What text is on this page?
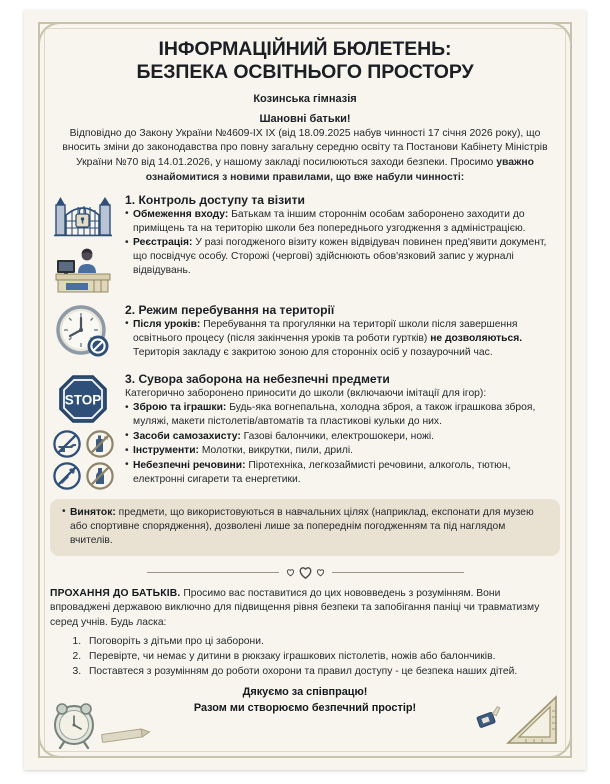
ІНФОРМАЦІЙНИЙ БЮЛЕТЕНЬ:
БЕЗПЕКА ОСВІТНЬОГО ПРОСТОРУ
Козинська гімназія
Шановні батьки!
Відповідно до Закону України №4609-IX IX (від 18.09.2025 набув чинності 17 січня 2026 року), що вносить зміни до законодавства про повну загальну середню освіту та Постанови Кабінету Міністрів України №70 від 14.01.2026, у нашому закладі посилюються заходи безпеки. Просимо уважно ознайомитися з новими правилами, що вже набули чинності:
1. Контроль доступу та візити
• Обмеження входу: Батькам та іншим стороннім особам заборонено заходити до приміщень та на територію школи без попереднього узгодження з адміністрацією.
• Реєстрація: У разі погодженого візиту кожен відвідувач повинен пред'явити документ, що посвідчує особу. Сторожі (чергові) здійснюють обов'язковий запис у журналі відвідувань.
2. Режим перебування на території
• Після уроків: Перебування та прогулянки на території школи після завершення освітнього процесу (після закінчення уроків та роботи гуртків) не дозволяються. Територія закладу є закритою зоною для сторонніх осіб у позаурочний час.
STOP
3. Сувора заборона на небезпечні предмети
Категорично заборонено приносити до школи (включаючи імітації для ігор):
• Зброю та іграшки: Будь-яка вогнепальна, холодна зброя, а також іграшкова зброя, муляжі, макети пістолетів/автоматів та пластикові кульки до них.
• Засоби самозахисту: Газові балончики, електрошокери, ножі.
• Інструменти: Молотки, викрутки, пили, дрилі.
• Небезпечні речовини: Піротехніка, легкозаймисті речовини, алкоголь, тютюн, електронні сигарети та енергетики.

• Виняток: предмети, що використовуються в навчальних цілях (наприклад, експонати для музею або спортивне спорядження), дозволені лише за попереднім погодженням та під наглядом вчителів.

ПРОХАННЯ ДО БАТЬКІВ. Просимо вас поставитися до цих нововведень з розумінням. Вони впроваджені державою виключно для підвищення рівня безпеки та запобігання паніці чи травматизму серед учнів. Будь ласка:
1. Поговоріть з дітьми про ці заборони.
2. Перевірте, чи немає у дитини в рюкзаку іграшкових пістолетів, ножів або балончиків.
3. Поставтеся з розумінням до роботи охорони та правил доступу - це безпека наших дітей.
Дякуємо за співпрацю!
Разом ми створюємо безпечний простір!
